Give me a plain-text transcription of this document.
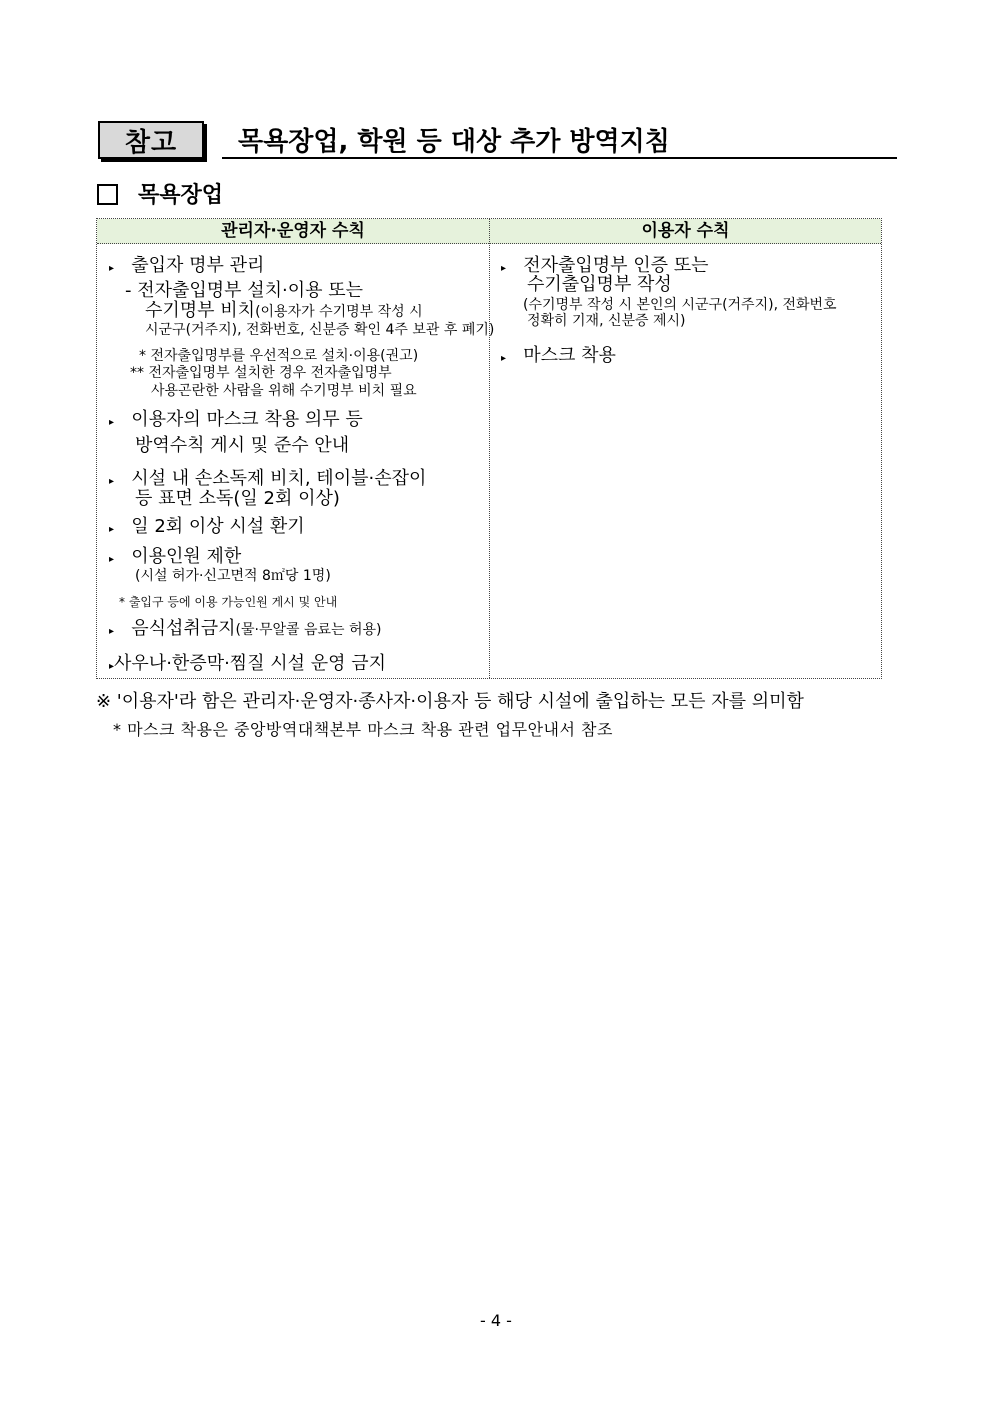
참고 목욕장업, 학원 등 대상 추가 방역지침
목욕장업
관리자·운영자 수칙	이용자 수칙
▸ 출입자 명부 관리
- 전자출입명부 설치·이용 또는
수기명부 비치(이용자가 수기명부 작성 시
시군구(거주지), 전화번호, 신분증 확인 4주 보관 후 폐기)
* 전자출입명부를 우선적으로 설치·이용(권고)
** 전자출입명부 설치한 경우 전자출입명부
사용곤란한 사람을 위해 수기명부 비치 필요
▸ 이용자의 마스크 착용 의무 등
방역수칙 게시 및 준수 안내
▸ 시설 내 손소독제 비치, 테이블·손잡이
등 표면 소독(일 2회 이상)
▸ 일 2회 이상 시설 환기
▸ 이용인원 제한
(시설 허가·신고면적 8㎡당 1명)
* 출입구 등에 이용 가능인원 게시 및 안내
▸ 음식섭취금지(물·무알콜 음료는 허용)
▸사우나·한증막·찜질 시설 운영 금지
▸ 전자출입명부 인증 또는
수기출입명부 작성
(수기명부 작성 시 본인의 시군구(거주지), 전화번호
정확히 기재, 신분증 제시)
▸ 마스크 착용
※ '이용자'라 함은 관리자·운영자·종사자·이용자 등 해당 시설에 출입하는 모든 자를 의미함
* 마스크 착용은 중앙방역대책본부 마스크 착용 관련 업무안내서 참조
- 4 -
